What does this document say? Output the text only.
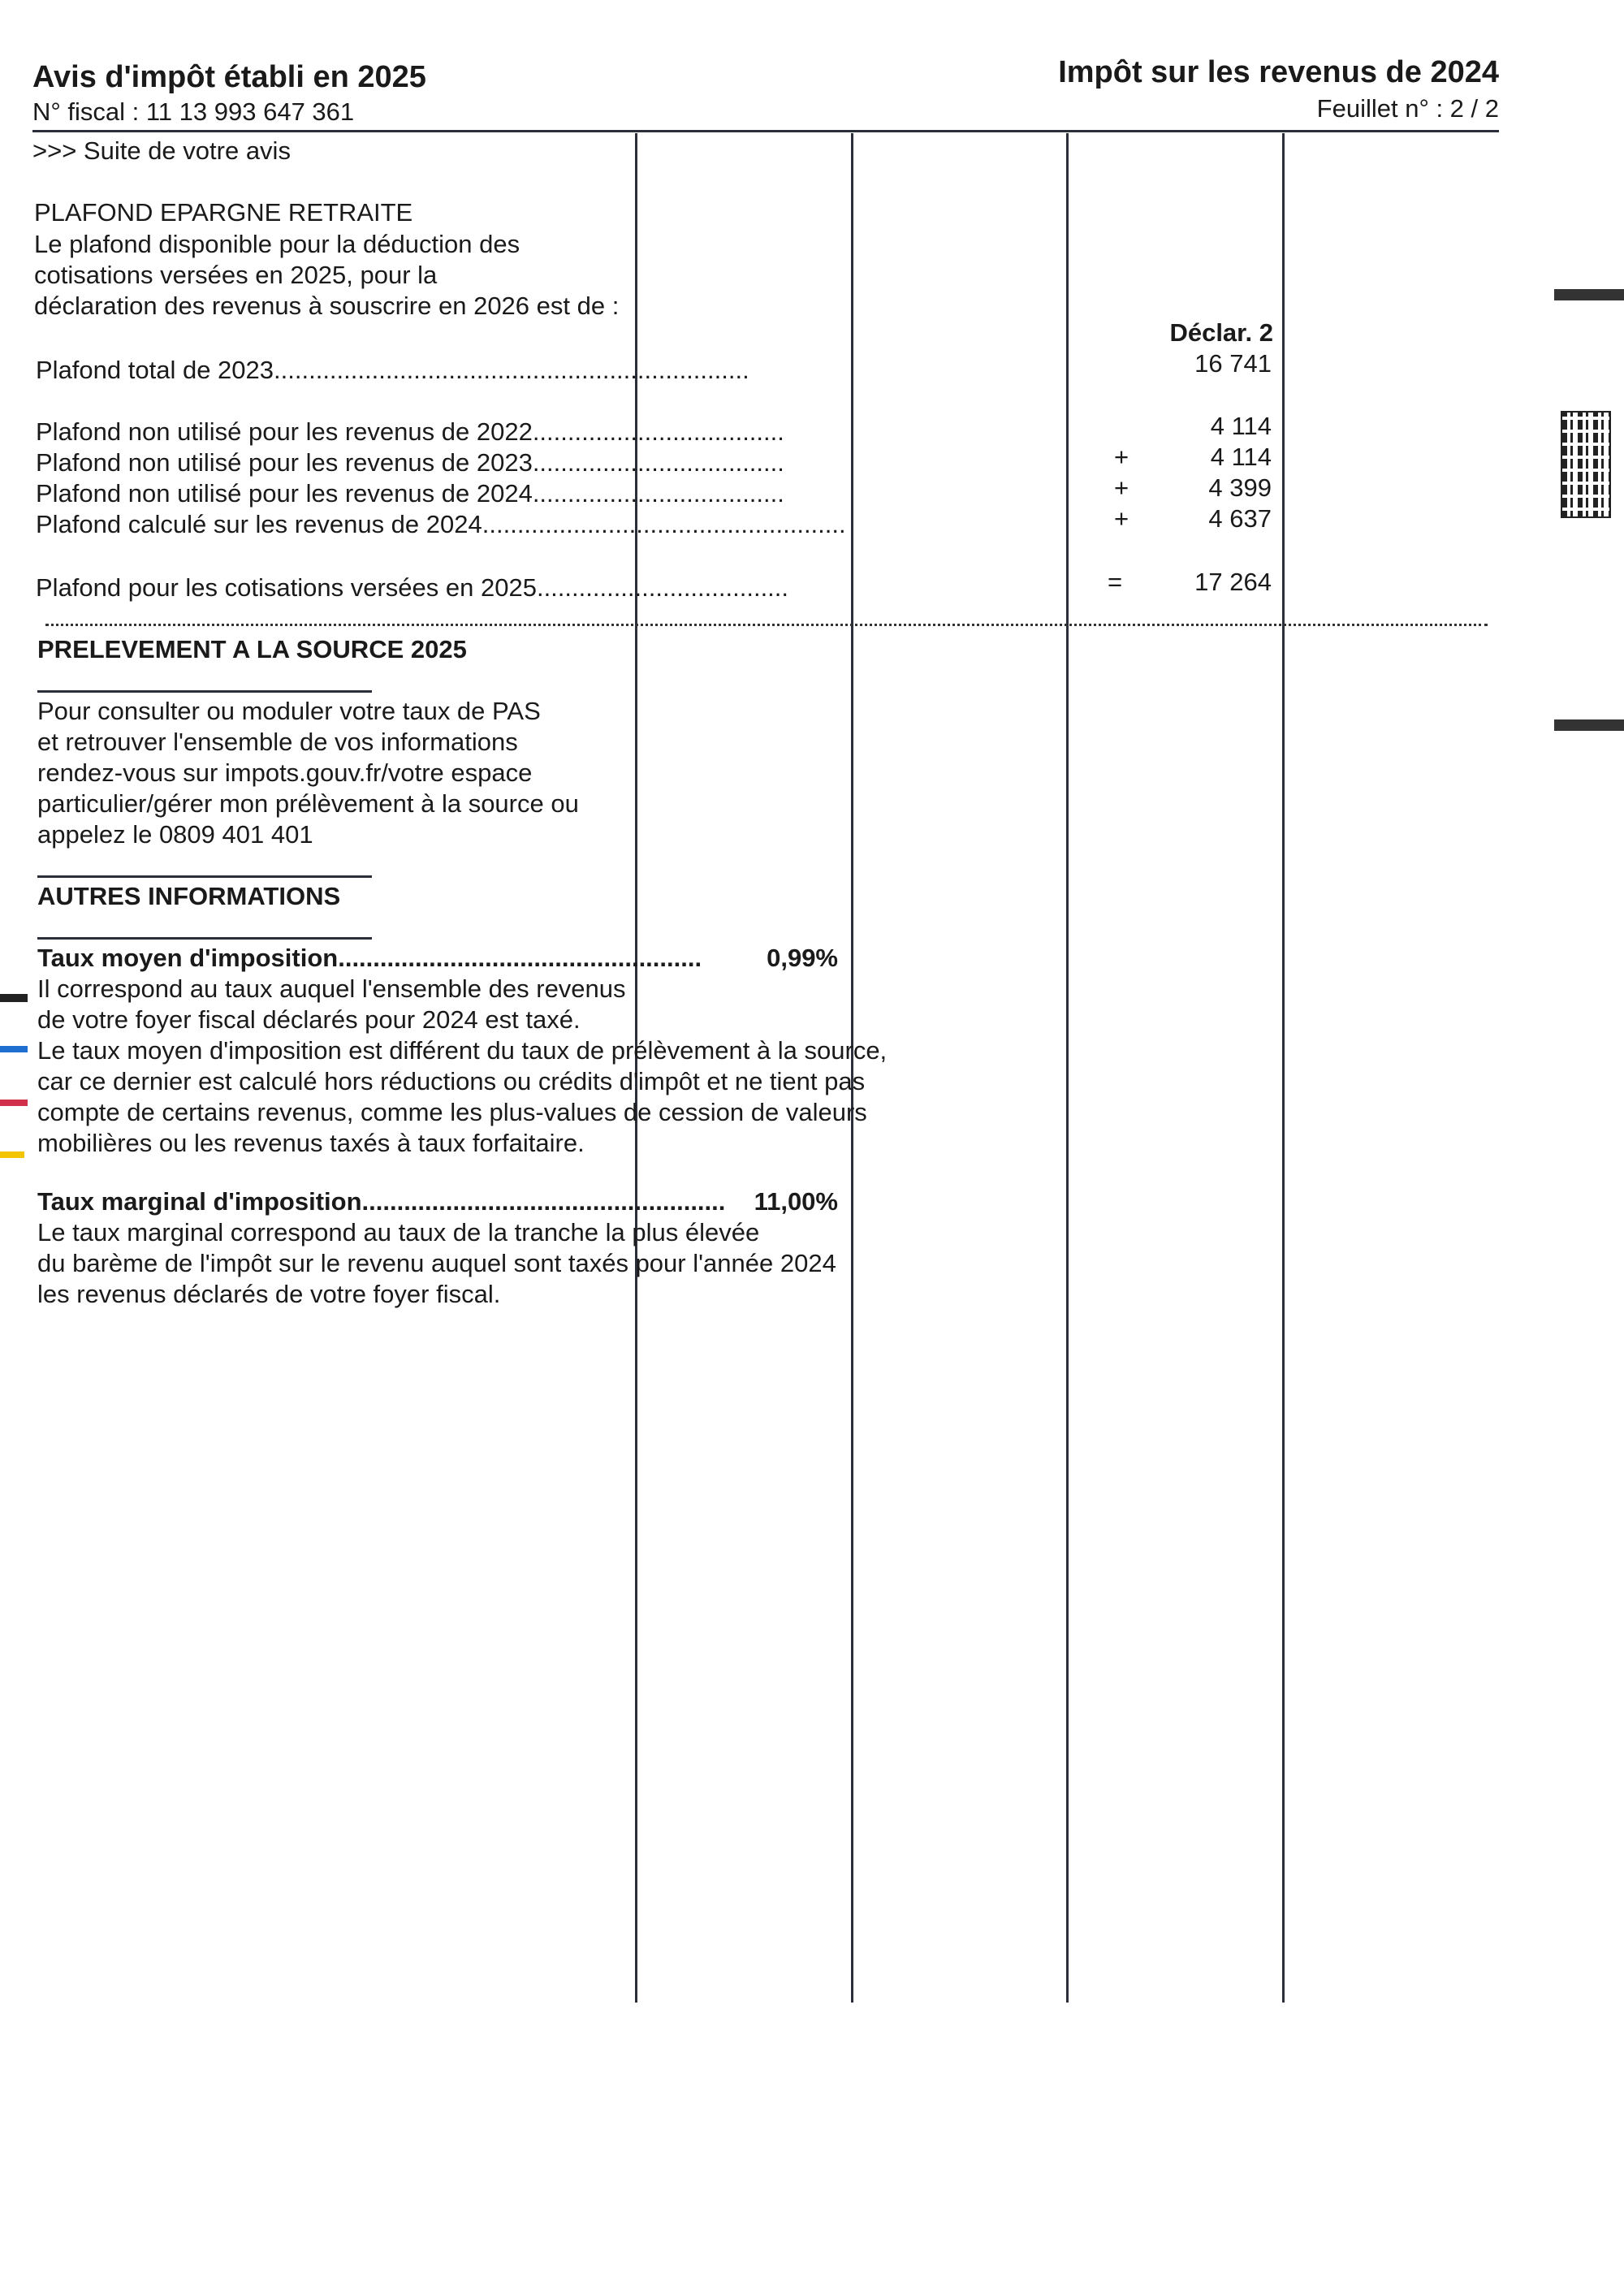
Avis d'impôt établi en 2025
N° fiscal : 11 13 993 647 361
Impôt sur les revenus de 2024
Feuillet n° : 2 / 2
>>> Suite de votre avis
PLAFOND EPARGNE RETRAITE
Le plafond disponible pour la déduction des
cotisations versées en 2025, pour la
déclaration des revenus à souscrire en 2026 est de :
Déclar. 2
Plafond total de 2023....................................................................	16 741
Plafond non utilisé pour les revenus de 2022....................................	4 114
Plafond non utilisé pour les revenus de 2023....................................	+	4 114
Plafond non utilisé pour les revenus de 2024....................................	+	4 399
Plafond calculé sur les revenus de 2024....................................................	+	4 637
Plafond pour les cotisations versées en 2025....................................	=	17 264
PRELEVEMENT A LA SOURCE 2025
Pour consulter ou moduler votre taux de PAS
et retrouver l'ensemble de vos informations
rendez-vous sur impots.gouv.fr/votre espace
particulier/gérer mon prélèvement à la source ou
appelez le 0809 401 401
AUTRES INFORMATIONS
Taux moyen d'imposition....................................................	0,99%
Il correspond au taux auquel l'ensemble des revenus
de votre foyer fiscal déclarés pour 2024 est taxé.
Le taux moyen d'imposition est différent du taux de prélèvement à la source,
car ce dernier est calculé hors réductions ou crédits d'impôt et ne tient pas
compte de certains revenus, comme les plus-values de cession de valeurs
mobilières ou les revenus taxés à taux forfaitaire.
Taux marginal d'imposition.................................................... 11,00%
Le taux marginal correspond au taux de la tranche la plus élevée
du barème de l'impôt sur le revenu auquel sont taxés pour l'année 2024
les revenus déclarés de votre foyer fiscal.
